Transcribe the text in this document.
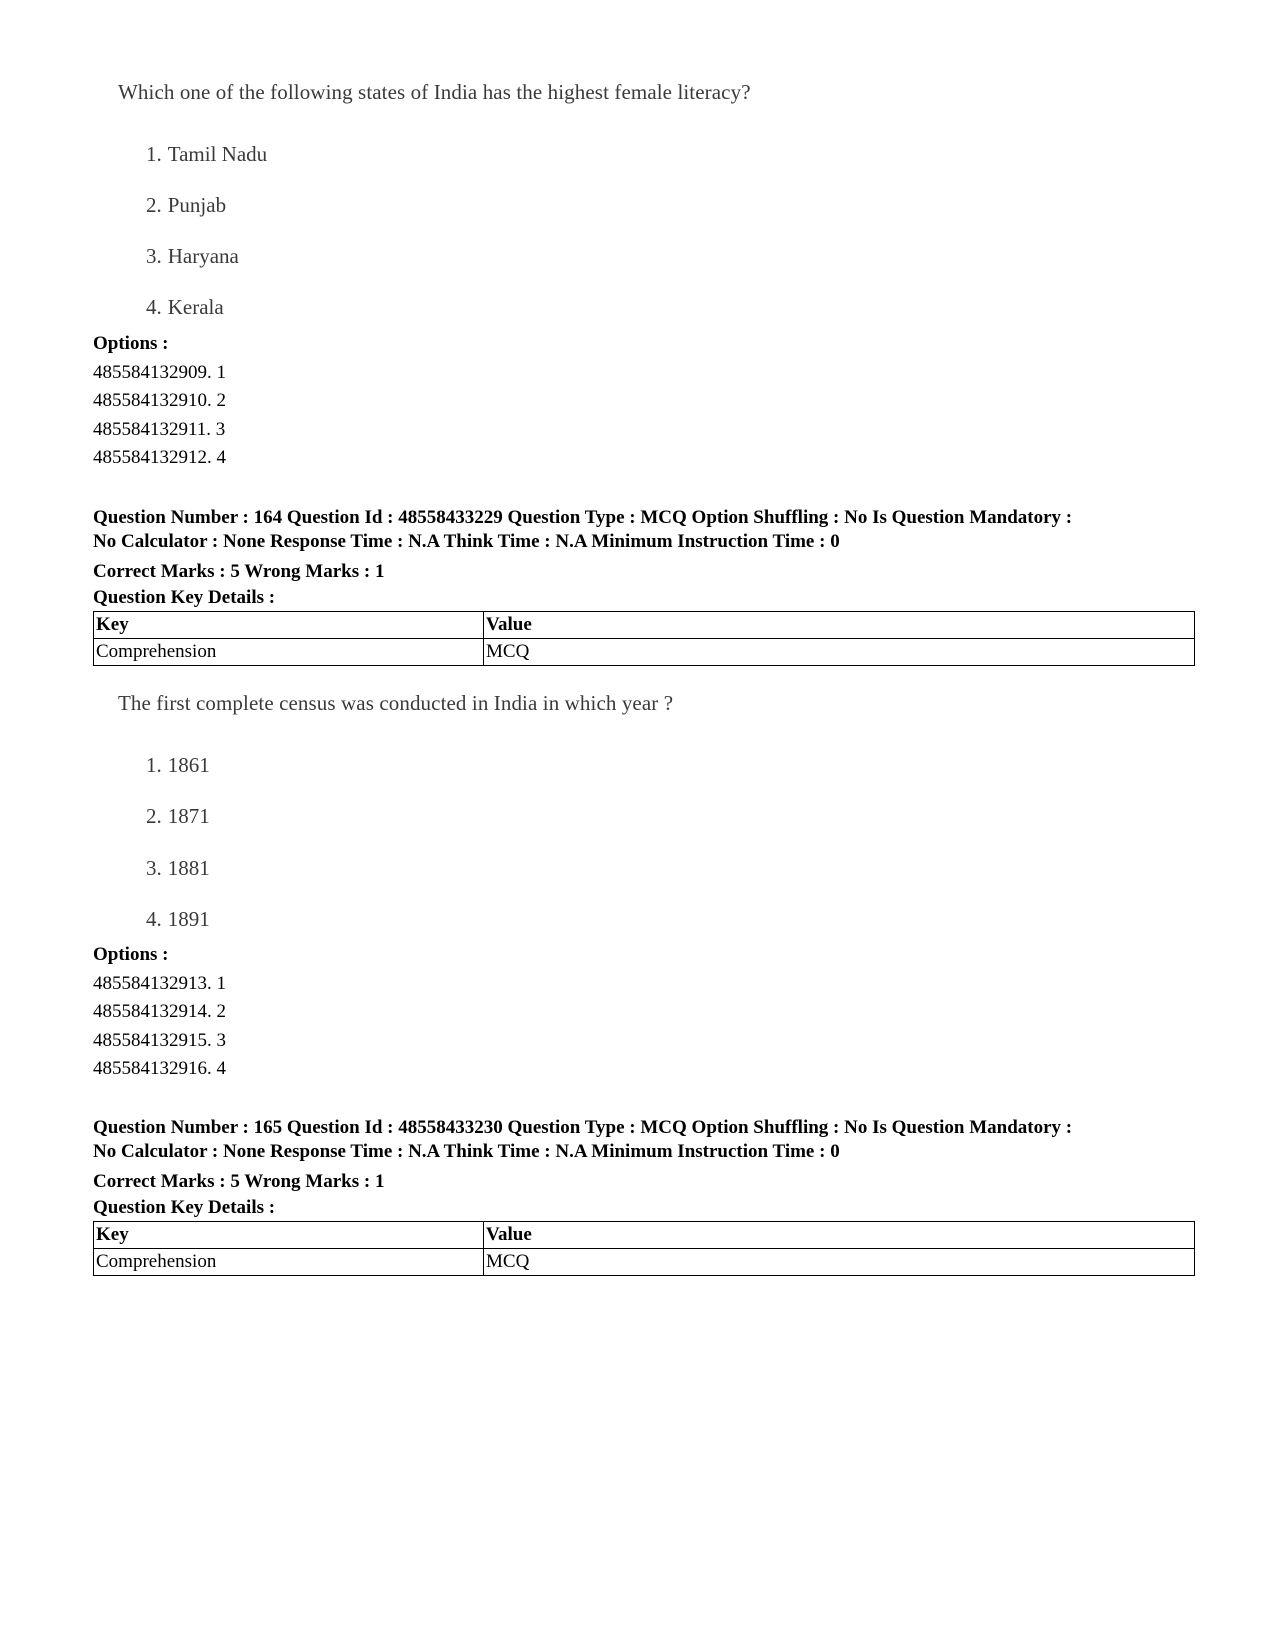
Which one of the following states of India has the highest female literacy?

1. Tamil Nadu
2. Punjab
3. Haryana
4. Kerala
Options :
485584132909. 1
485584132910. 2
485584132911. 3
485584132912. 4
Question Number : 164 Question Id : 48558433229 Question Type : MCQ Option Shuffling : No Is Question Mandatory :
No Calculator : None Response Time : N.A Think Time : N.A Minimum Instruction Time : 0
Correct Marks : 5 Wrong Marks : 1
Question Key Details :
Key	Value
Comprehension	MCQ

The first complete census was conducted in India in which year ?

1. 1861
2. 1871
3. 1881
4. 1891
Options :
485584132913. 1
485584132914. 2
485584132915. 3
485584132916. 4
Question Number : 165 Question Id : 48558433230 Question Type : MCQ Option Shuffling : No Is Question Mandatory :
No Calculator : None Response Time : N.A Think Time : N.A Minimum Instruction Time : 0
Correct Marks : 5 Wrong Marks : 1
Question Key Details :
Key	Value
Comprehension	MCQ
